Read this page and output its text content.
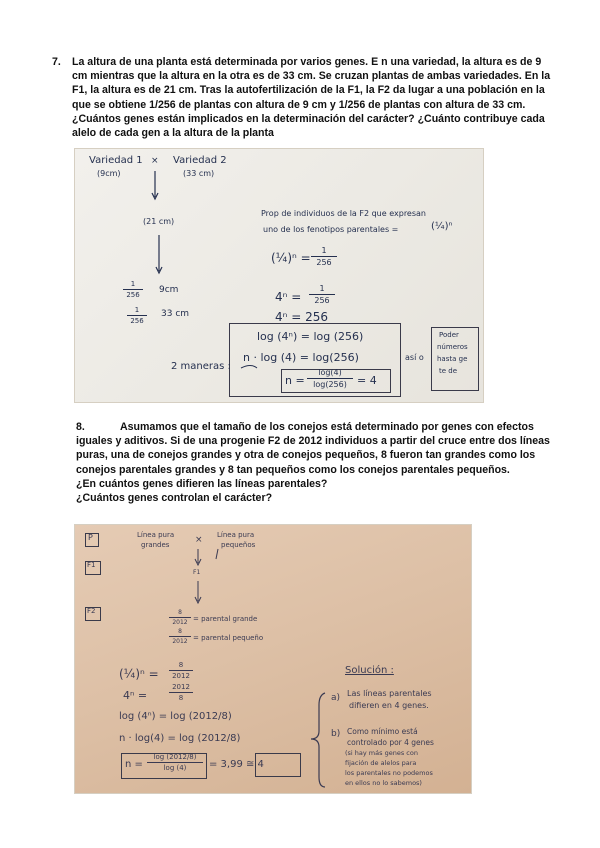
7. La altura de una planta está determinada por varios genes. E n una variedad, la altura es de 9 cm mientras que la altura en la otra es de 33 cm. Se cruzan plantas de ambas variedades. En la F1, la altura es de 21 cm. Tras la autofertilización de la F1, la F2 da lugar a una población en la que se obtiene 1/256 de plantas con altura de 9 cm y 1/256 de plantas con altura de 33 cm. ¿Cuántos genes están implicados en la determinación del carácter? ¿Cuánto contribuye cada alelo de cada gen a la altura de la planta
Variedad 1
(9cm)
× Variedad 2
(33 cm)
(21 cm)
1
256	9cm
1
256
33 cm
Prop de individuos de la F2 que expresan
uno de los fenotipos parentales =	(¼)ⁿ
(¼)ⁿ =
1
256
4ⁿ =
1
256
4ⁿ = 256
log (4ⁿ) = log (256)
n · log (4) = log(256)
n =
log(4)
log(256) = 4
2 maneras :
así o
Poder
números
hasta ge
te de
8.	Asumamos que el tamaño de los conejos está determinado por genes con efectos iguales y aditivos. Si de una progenie F2 de 2012 individuos a partir del cruce entre dos líneas puras, una de conejos grandes y otra de conejos pequeños, 8 fueron tan grandes como los conejos parentales grandes y 8 tan pequeños como los conejos parentales pequeños.
¿En cuántos genes difieren las líneas parentales?
¿Cuántos genes controlan el carácter?
P
F1
F2
Línea pura
grandes	× Línea pura
pequeños
F1
8
2012 = parental grande
8
2012 = parental pequeño
(¼)ⁿ =
8
2012
4ⁿ =
2012
8
log (4ⁿ) = log (2012/8)
n · log(4) = log (2012/8)
n =
log (2012/8)
log (4)	= 3,99 ≅ 4
Solución :
a) Las líneas parentales
difieren en 4 genes.
b) Como mínimo está
controlado por 4 genes
(si hay más genes con
fijación de alelos para
los parentales no podemos
en ellos no lo sabemos)
